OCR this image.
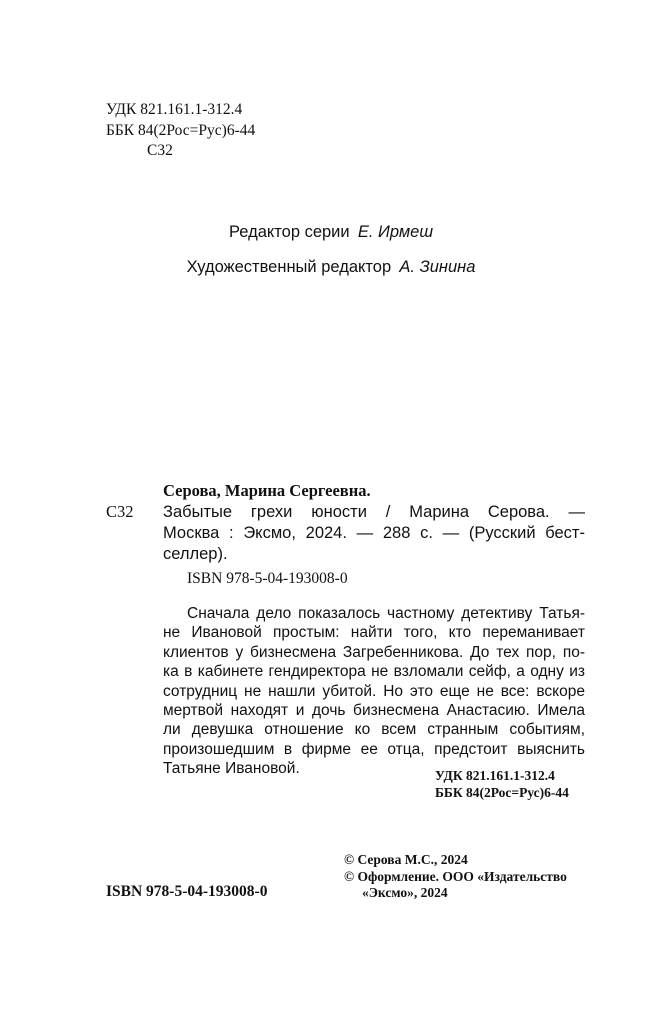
УДК 821.161.1-312.4
ББК 84(2Рос=Рус)6-44
С32
Редактор серии Е. Ирмеш
Художественный редактор А. Зинина
Серова, Марина Сергеевна.
С32 Забытые грехи юности / Марина Серова. —
Москва : Эксмо, 2024. — 288 с. — (Русский бест-
селлер).
ISBN 978-5-04-193008-0
Сначала дело показалось частному детективу Татья-
не Ивановой простым: найти того, кто переманивает
клиентов у бизнесмена Загребенникова. До тех пор, по-
ка в кабинете гендиректора не взломали сейф, а одну из
сотрудниц не нашли убитой. Но это еще не все: вскоре
мертвой находят и дочь бизнесмена Анастасию. Имела
ли девушка отношение ко всем странным событиям,
произошедшим в фирме ее отца, предстоит выяснить
Татьяне Ивановой.	УДК 821.161.1-312.4
ББК 84(2Рос=Рус)6-44
© Серова М.С., 2024
© Оформление. ООО «Издательство
«Эксмо», 2024
ISBN 978-5-04-193008-0
